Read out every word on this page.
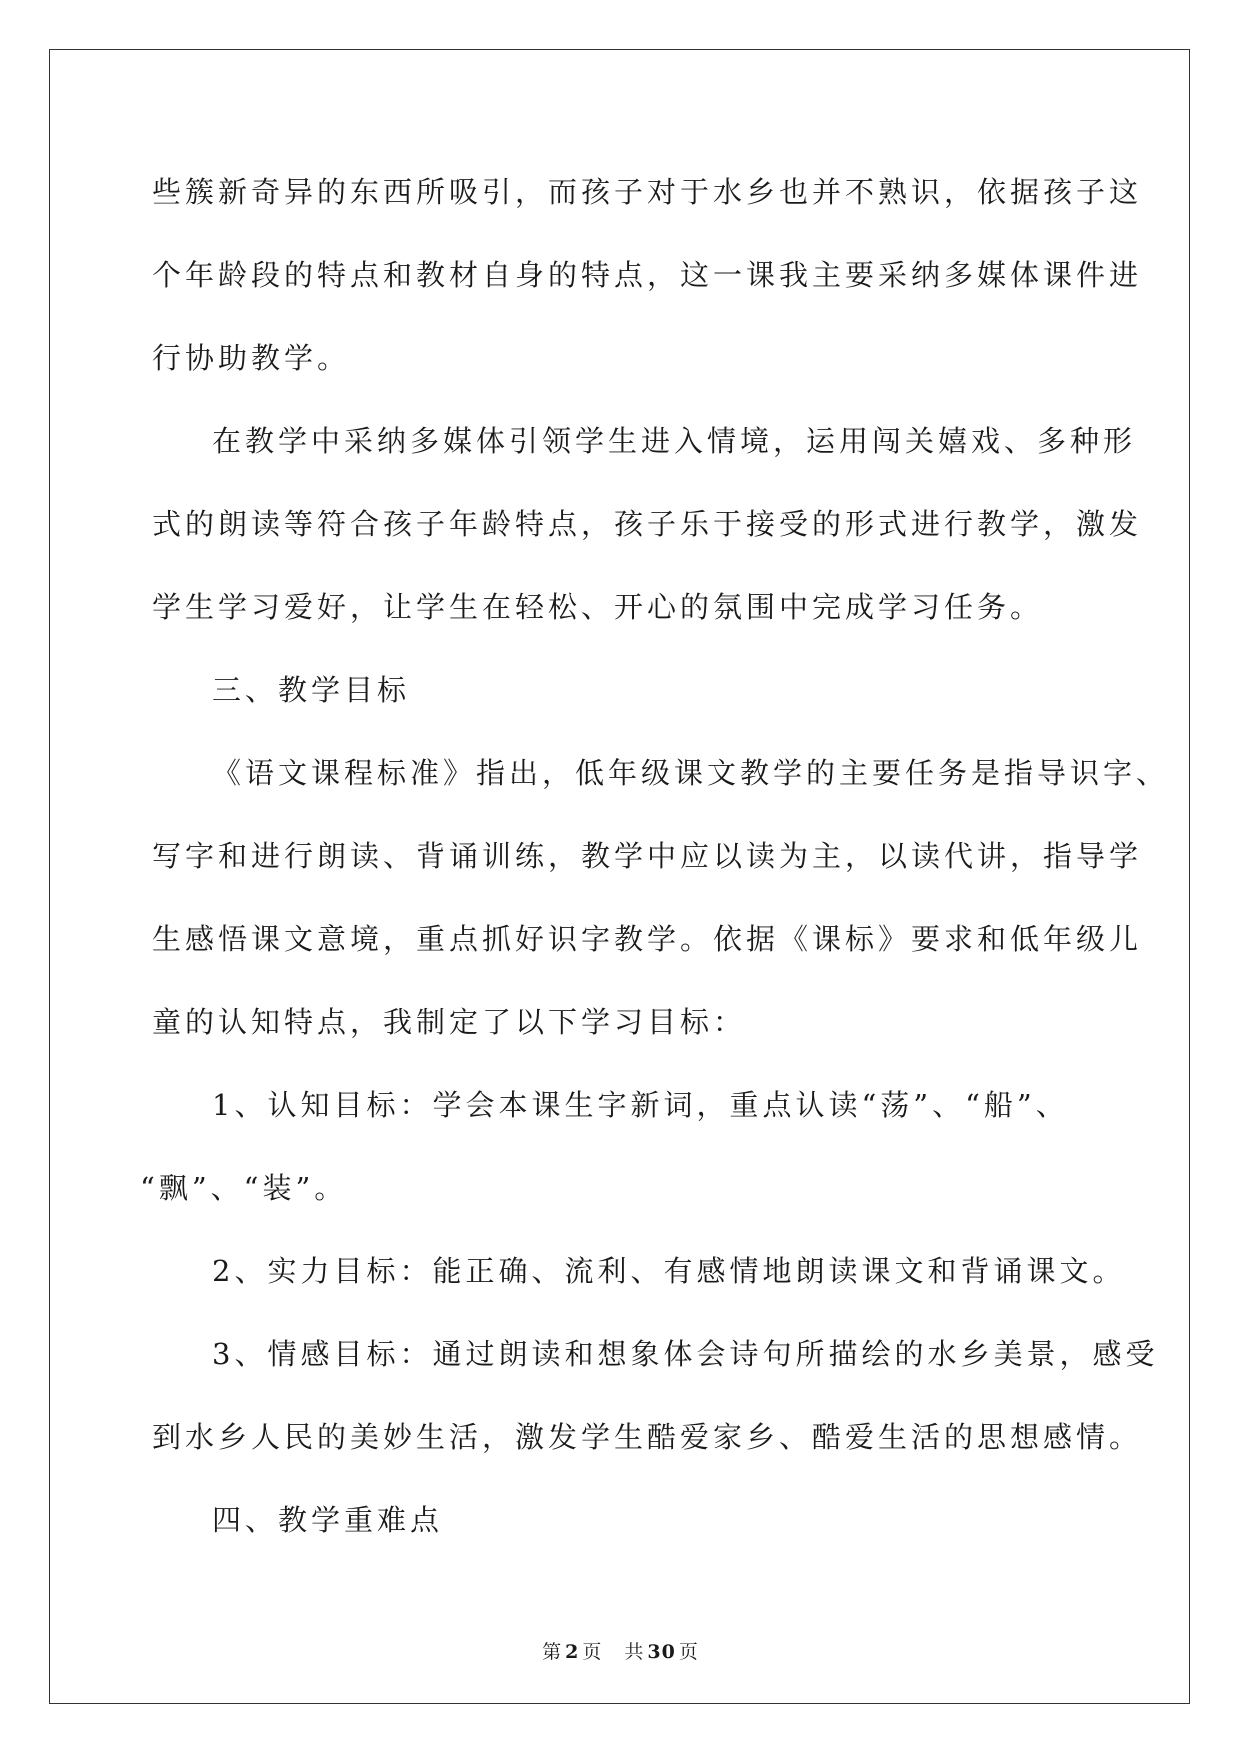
些簇新奇异的东西所吸引，而孩子对于水乡也并不熟识，依据孩子这
个年龄段的特点和教材自身的特点，这一课我主要采纳多媒体课件进
行协助教学。
在教学中采纳多媒体引领学生进入情境，运用闯关嬉戏、多种形
式的朗读等符合孩子年龄特点，孩子乐于接受的形式进行教学，激发
学生学习爱好，让学生在轻松、开心的氛围中完成学习任务。
三、教学目标
《语文课程标准》指出，低年级课文教学的主要任务是指导识字、
写字和进行朗读、背诵训练，教学中应以读为主，以读代讲，指导学
生感悟课文意境，重点抓好识字教学。依据《课标》要求和低年级儿
童的认知特点，我制定了以下学习目标：
1、认知目标：学会本课生字新词，重点认读“荡”、“船”、
“飘”、“装”。
2、实力目标：能正确、流利、有感情地朗读课文和背诵课文。
3、情感目标：通过朗读和想象体会诗句所描绘的水乡美景，感受
到水乡人民的美妙生活，激发学生酷爱家乡、酷爱生活的思想感情。
四、教学重难点
第 2 页 共 30 页
